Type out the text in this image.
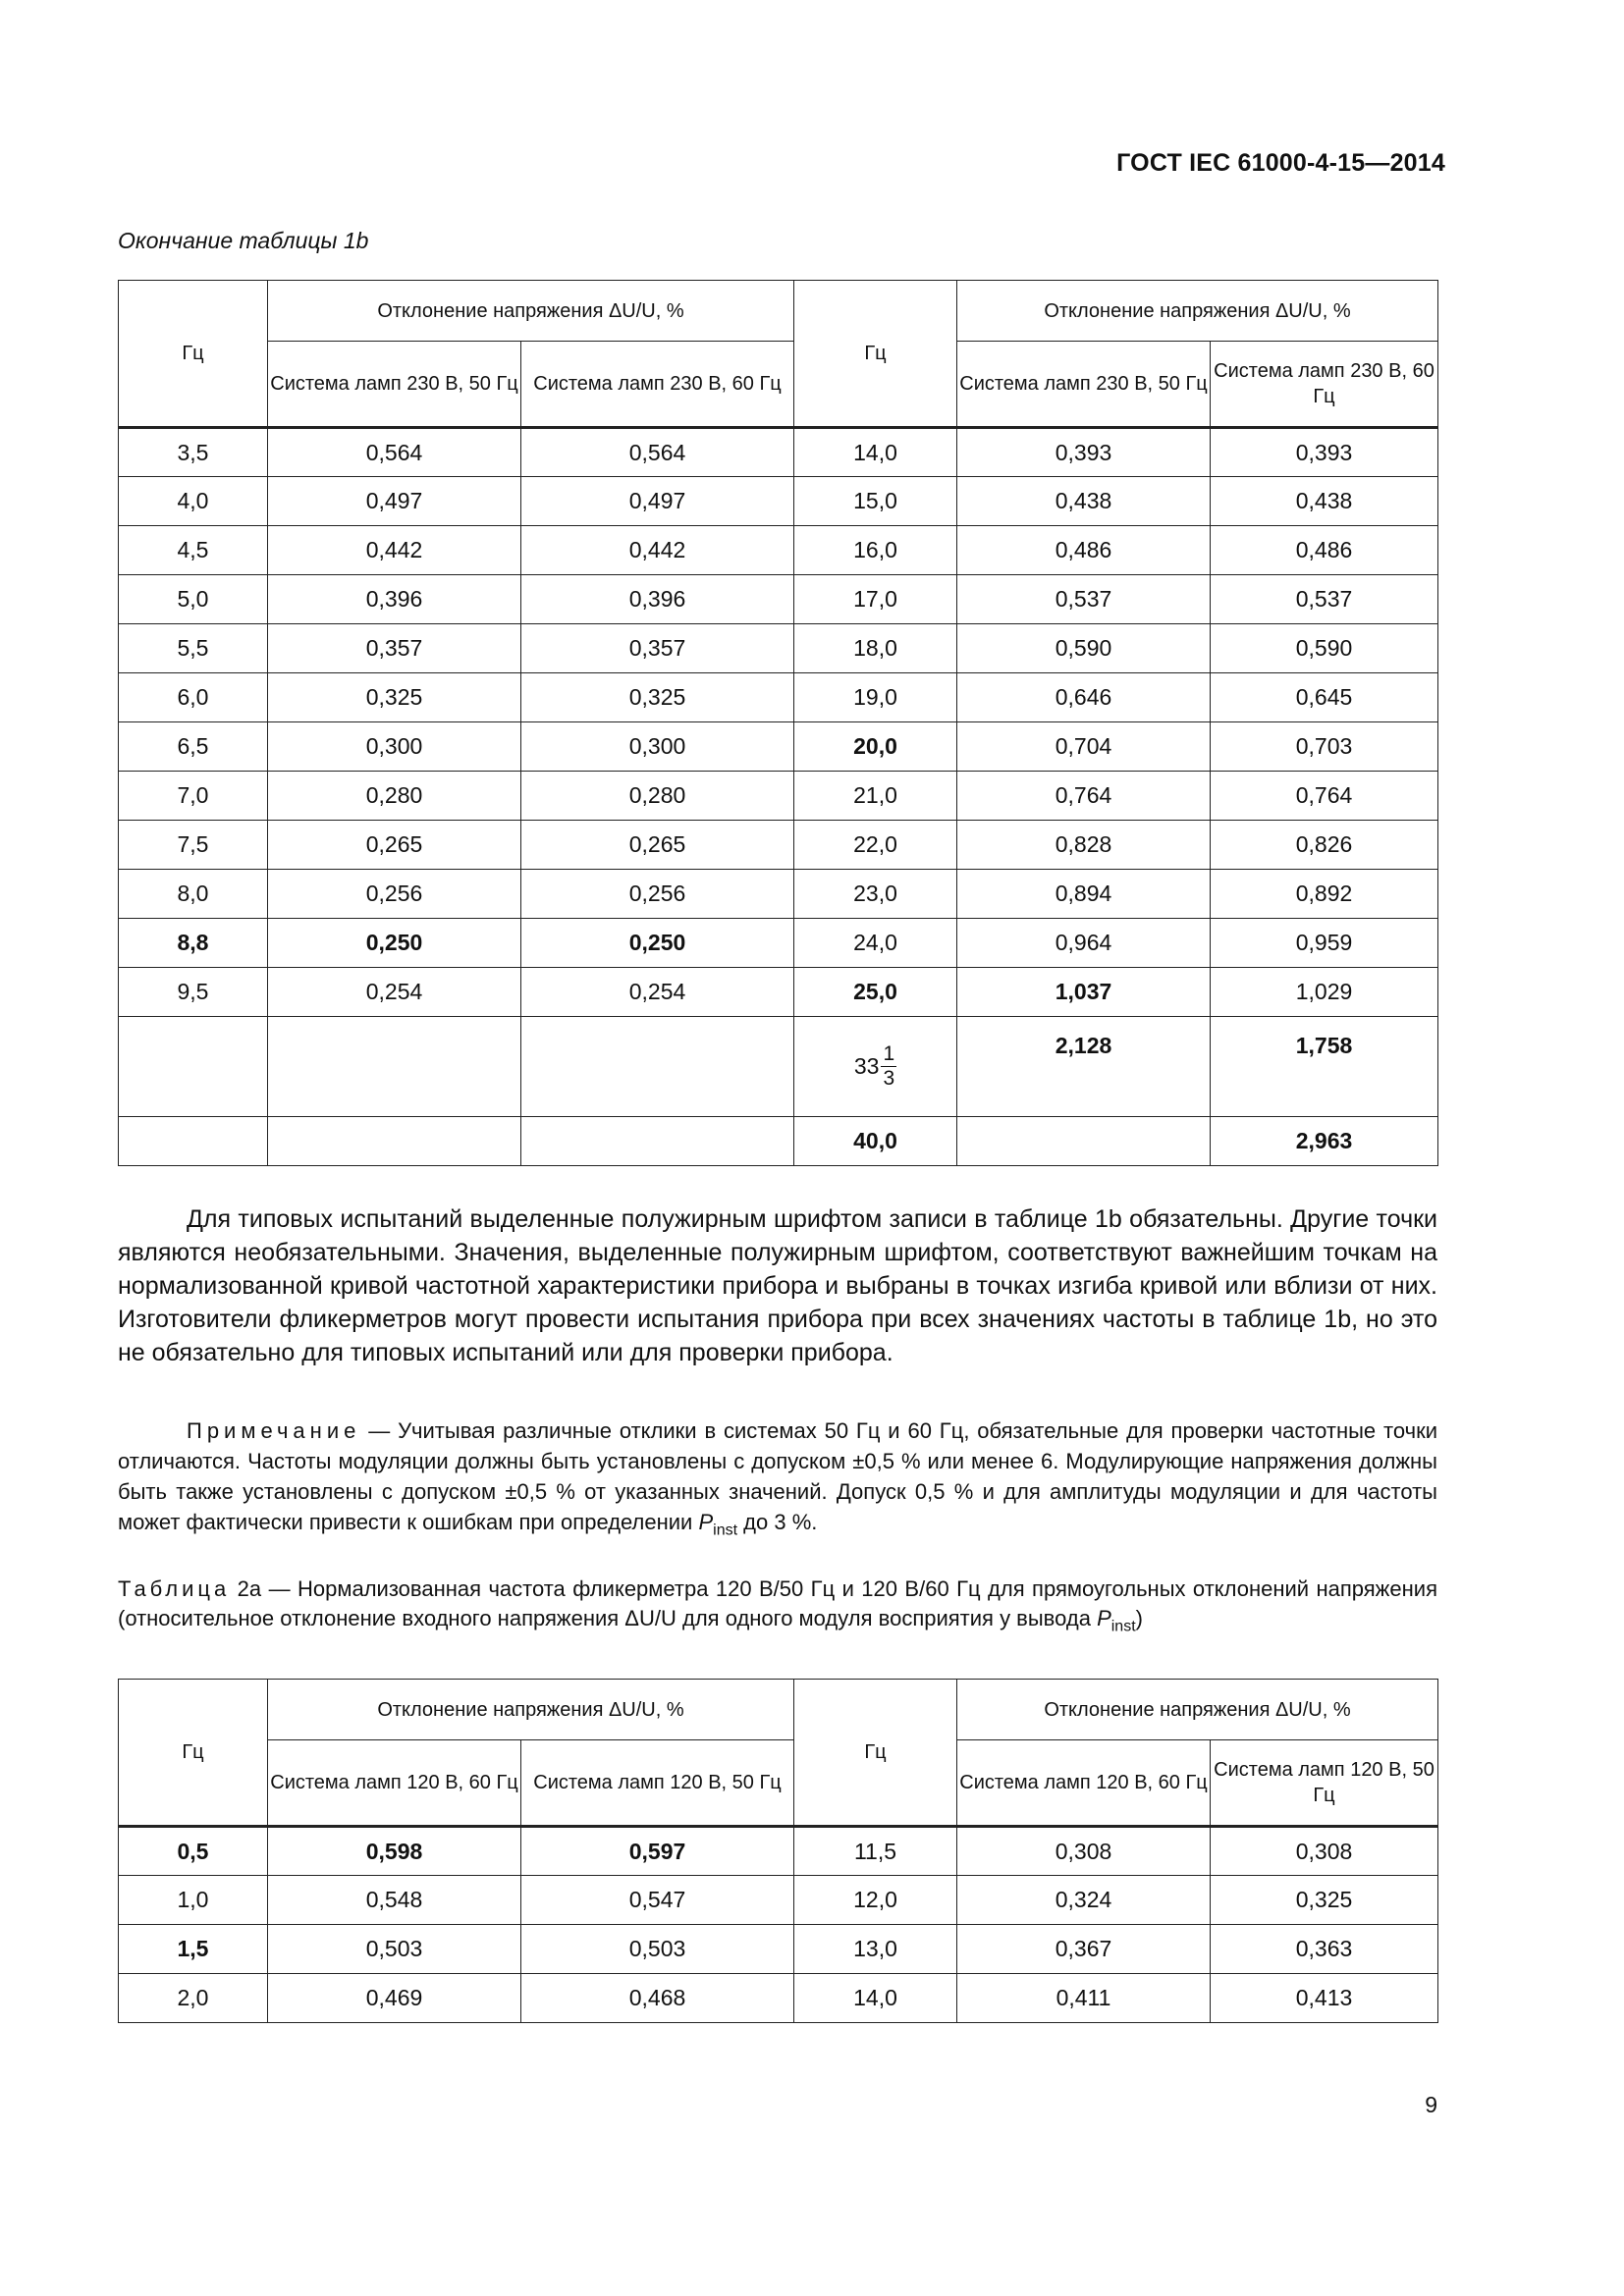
ГОСТ IEC 61000-4-15—2014
Окончание таблицы 1b
Гц	Отклонение напряжения ΔU/U, %		Гц	Отклонение напряжения ΔU/U, %	
	Система ламп 230 В, 50 Гц	Система ламп 230 В, 60 Гц		Система ламп 230 В, 50 Гц	Система ламп 230 В, 60 Гц
3,5	0,564	0,564	14,0	0,393	0,393
4,0	0,497	0,497	15,0	0,438	0,438
4,5	0,442	0,442	16,0	0,486	0,486
5,0	0,396	0,396	17,0	0,537	0,537
5,5	0,357	0,357	18,0	0,590	0,590
6,0	0,325	0,325	19,0	0,646	0,645
6,5	0,300	0,300	20,0	0,704	0,703
7,0	0,280	0,280	21,0	0,764	0,764
7,5	0,265	0,265	22,0	0,828	0,826
8,0	0,256	0,256	23,0	0,894	0,892
8,8	0,250	0,250	24,0	0,964	0,959
9,5	0,254	0,254	25,0	1,037	1,029

			$33 \frac{1}{3}$	2,128	1,758
			40,0		2,963
Для типовых испытаний выделенные полужирным шрифтом записи в таблице 1b обязательны. Другие точки являются необязательными. Значения, выделенные полужирным шрифтом, соответствуют важнейшим точкам на нормализованной кривой частотной характеристики прибора и выбраны в точках изгиба кривой или вблизи от них. Изготовители фликерметров могут провести испытания прибора при всех значениях частоты в таблице 1b, но это не обязательно для типовых испытаний или для проверки прибора.
Примечание — Учитывая различные отклики в системах 50 Гц и 60 Гц, обязательные для проверки частотные точки отличаются. Частоты модуляции должны быть установлены с допуском ±0,5 % или менее 6. Модулирующие напряжения должны быть также установлены с допуском ±0,5 % от указанных значений. Допуск 0,5 % и для амплитуды модуляции и для частоты может фактически привести к ошибкам при определении $P_{inst}$ до 3 %.
Таблица 2a — Нормализованная частота фликерметра 120 В/50 Гц и 120 В/60 Гц для прямоугольных отклонений напряжения (относительное отклонение входного напряжения ΔU/U для одного модуля восприятия у вывода $P_{inst}$)
Гц	Отклонение напряжения ΔU/U, %		Гц	Отклонение напряжения ΔU/U, %	
	Система ламп 120 В, 60 Гц	Система ламп 120 В, 50 Гц		Система ламп 120 В, 60 Гц	Система ламп 120 В, 50 Гц
0,5	0,598	0,597	11,5	0,308	0,308
1,0	0,548	0,547	12,0	0,324	0,325
1,5	0,503	0,503	13,0	0,367	0,363
2,0	0,469	0,468	14,0	0,411	0,413
9
